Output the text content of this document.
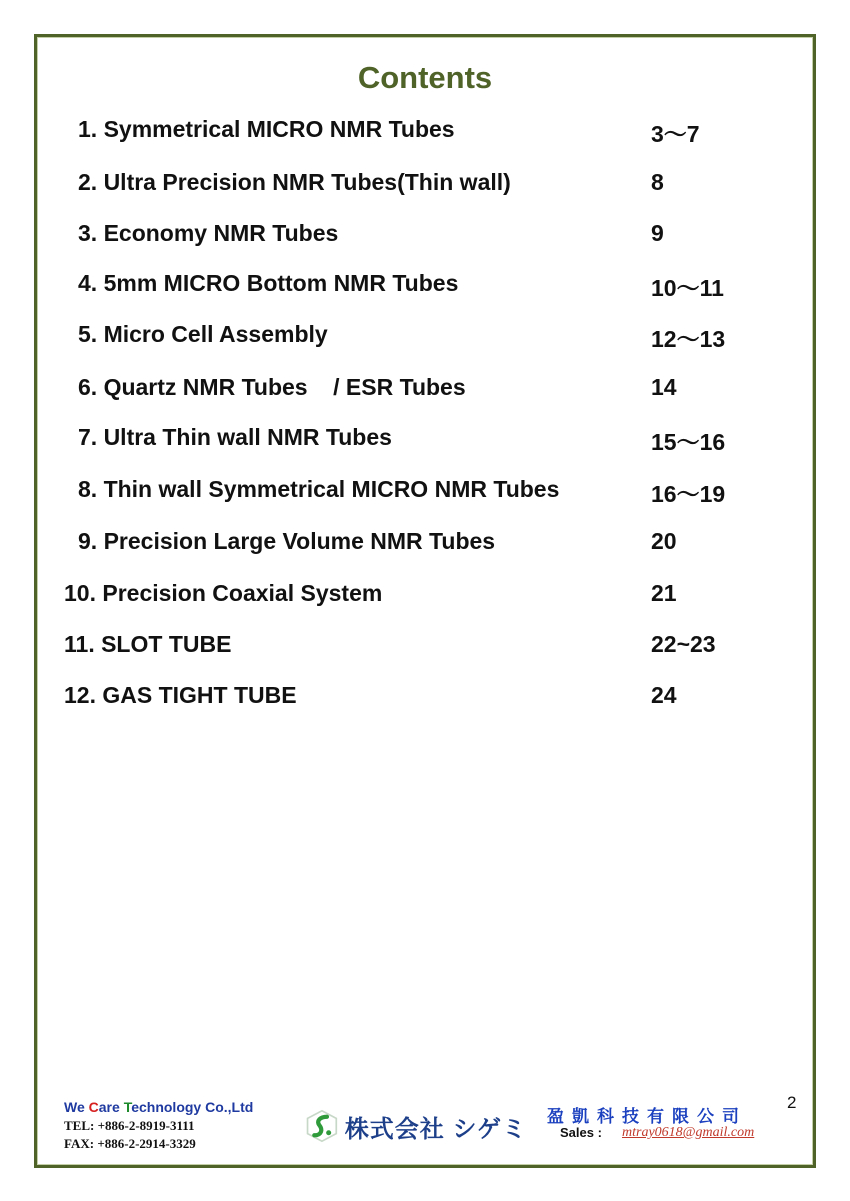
Contents
1. Symmetrical MICRO NMR Tubes	3～7
2. Ultra Precision NMR Tubes(Thin wall)	8
3. Economy NMR Tubes	9
4. 5mm MICRO Bottom NMR Tubes	10～11
5. Micro Cell Assembly	12～13
6. Quartz NMR Tubes    / ESR Tubes	14
7. Ultra Thin wall NMR Tubes	15～16
8. Thin wall Symmetrical MICRO NMR Tubes	16～19
9. Precision Large Volume NMR Tubes	20
10. Precision Coaxial System	21
11. SLOT TUBE	22~23
12. GAS TIGHT TUBE	24
2
We Care Technology Co.,Ltd
TEL: +886-2-8919-3111
FAX: +886-2-2914-3329
株式会社 シゲミ 盈凱科技有限公司
Sales : mtray0618@gmail.com
